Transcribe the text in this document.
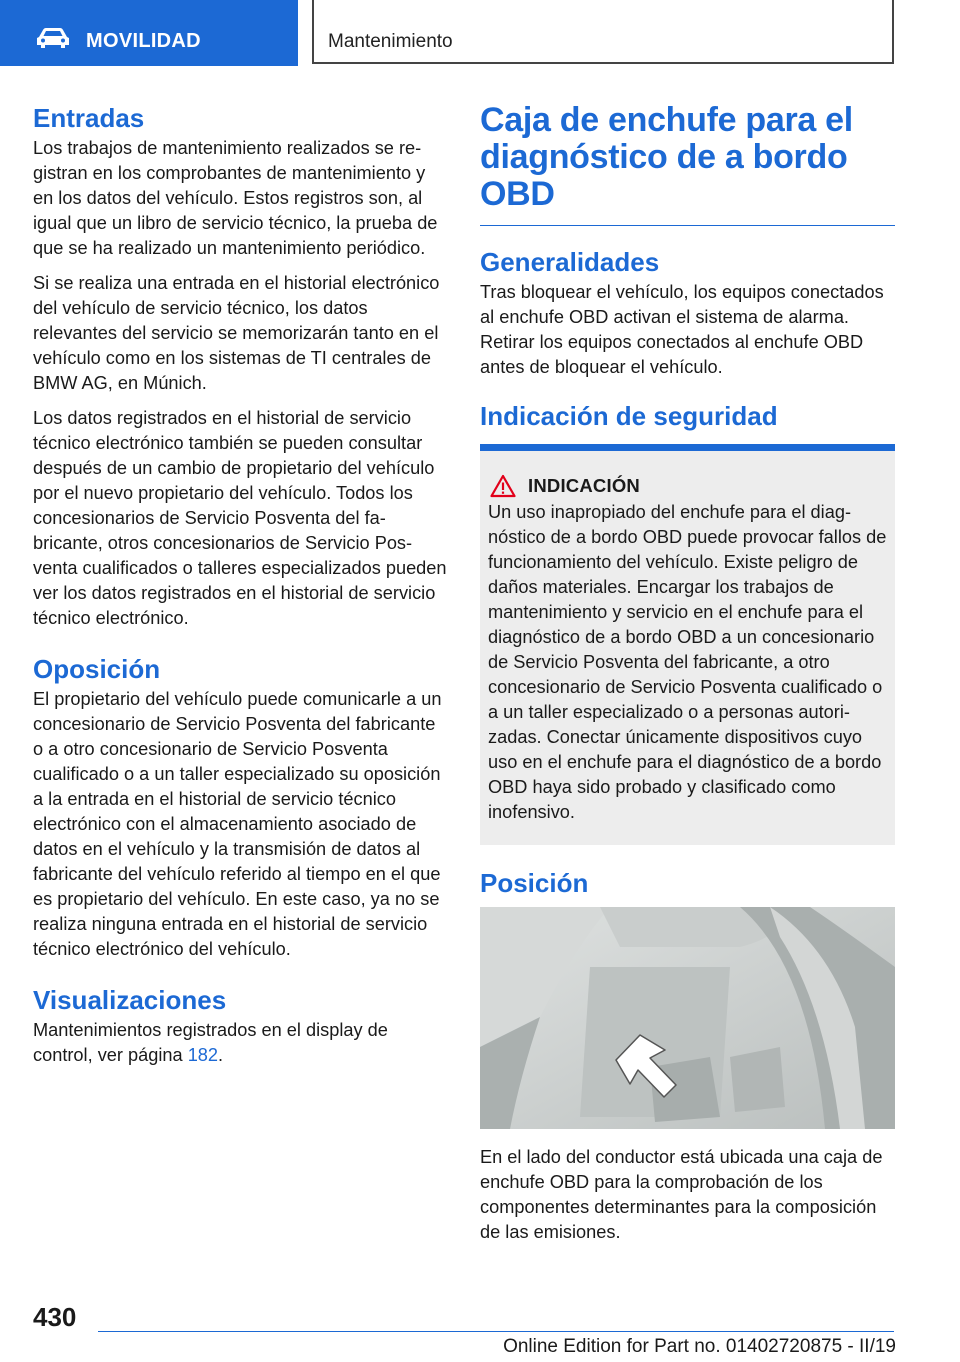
MOVILIDAD	Mantenimiento
Entradas

Los trabajos de mantenimiento realizados se registran en los comprobantes de mantenimiento y en los datos del vehículo. Estos registros son, al igual que un libro de servicio técnico, la prueba de que se ha realizado un mantenimiento periódico.

Si se realiza una entrada en el historial electrónico del vehículo de servicio técnico, los datos relevantes del servicio se memorizarán tanto en el vehículo como en los sistemas de TI centrales de BMW AG, en Múnich.

Los datos registrados en el historial de servicio técnico electrónico también se pueden consultar después de un cambio de propietario del vehículo por el nuevo propietario del vehículo. Todos los concesionarios de Servicio Posventa del fabricante, otros concesionarios de Servicio Posventa cualificados o talleres especializados pueden ver los datos registrados en el historial de servicio técnico electrónico.

Oposición

El propietario del vehículo puede comunicarle a un concesionario de Servicio Posventa del fabricante o a otro concesionario de Servicio Posventa cualificado o a un taller especializado su oposición a la entrada en el historial de servicio técnico electrónico con el almacenamiento asociado de datos en el vehículo y la transmisión de datos al fabricante del vehículo referido al tiempo en el que es propietario del vehículo. En este caso, ya no se realiza ninguna entrada en el historial de servicio técnico electrónico del vehículo.

Visualizaciones

Mantenimientos registrados en el display de control, ver página 182.

Caja de enchufe para el diagnóstico de a bordo OBD
Generalidades

Tras bloquear el vehículo, los equipos conectados al enchufe OBD activan el sistema de alarma. Retirar los equipos conectados al enchufe OBD antes de bloquear el vehículo.

Indicación de seguridad
INDICACIÓN

Un uso inapropiado del enchufe para el diagnóstico de a bordo OBD puede provocar fallos de funcionamiento del vehículo. Existe peligro de daños materiales. Encargar los trabajos de mantenimiento y servicio en el enchufe para el diagnóstico de a bordo OBD a un concesionario de Servicio Posventa del fabricante, a otro concesionario de Servicio Posventa cualificado o a un taller especializado o a personas autorizadas. Conectar únicamente dispositivos cuyo uso en el enchufe para el diagnóstico de a bordo OBD haya sido probado y clasificado como inofensivo.

Posición

En el lado del conductor está ubicada una caja de enchufe OBD para la comprobación de los componentes determinantes para la composición de las emisiones.

430
Online Edition for Part no. 01402720875 - II/19
